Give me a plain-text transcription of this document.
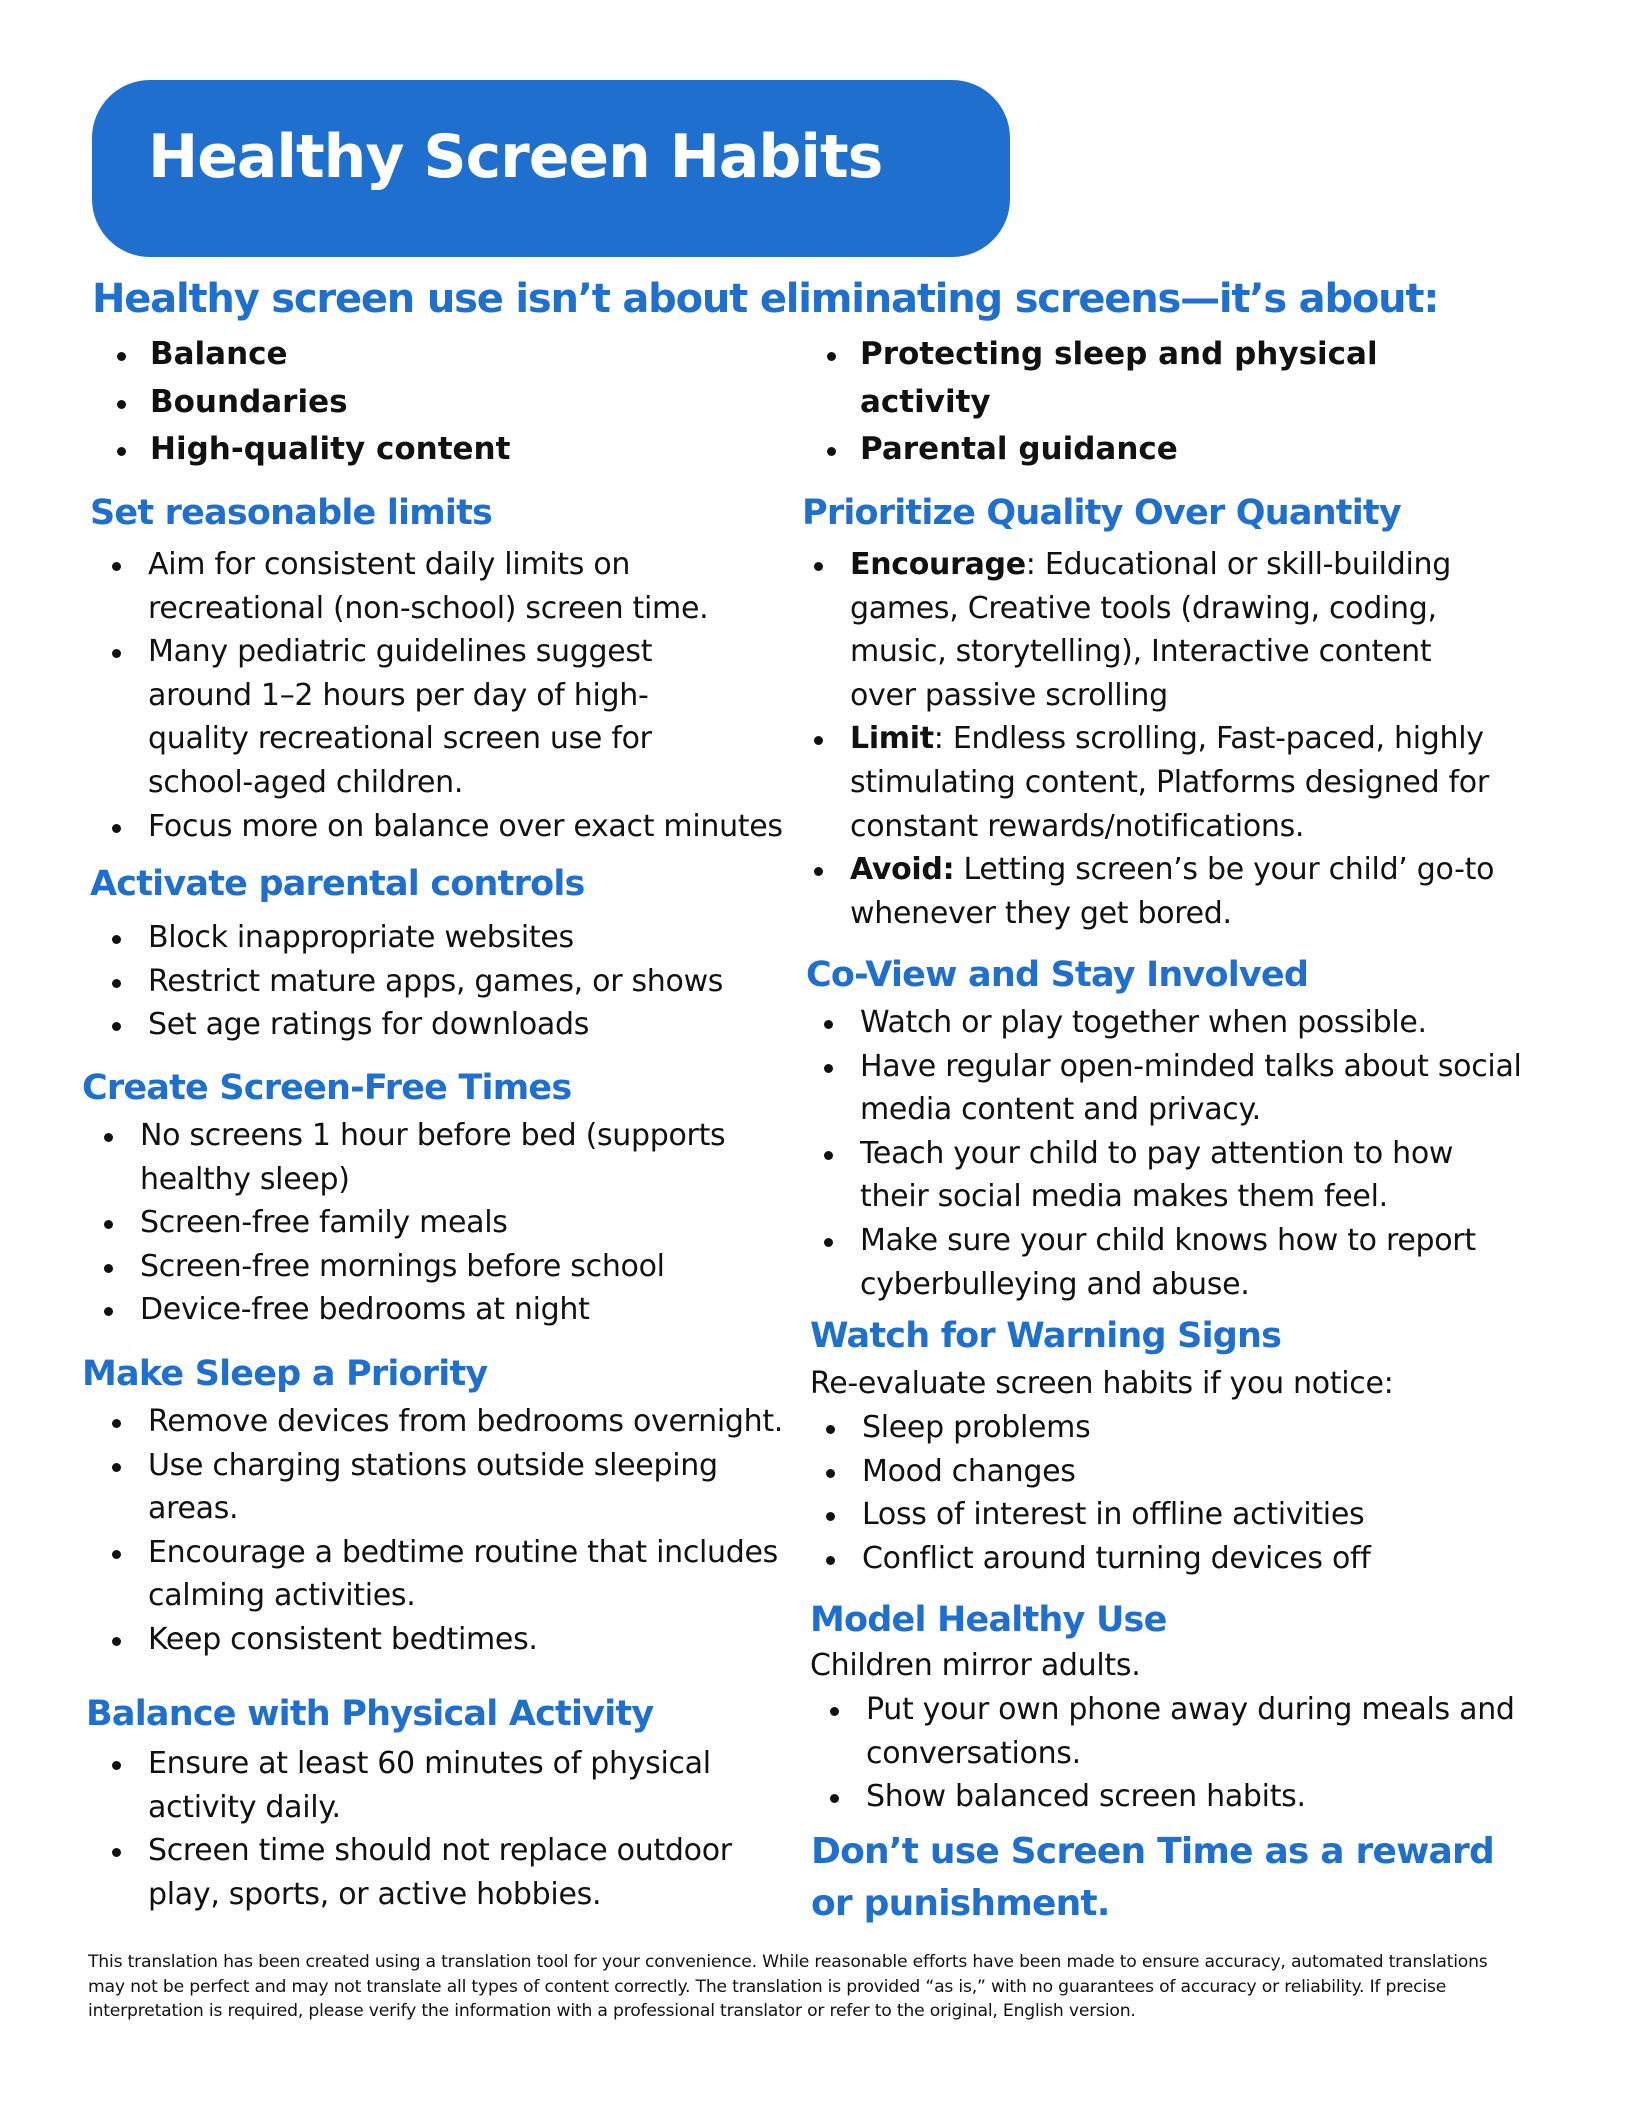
Healthy Screen Habits
Healthy screen use isn’t about eliminating screens—it’s about:
Balance
Boundaries
High-quality content
Protecting sleep and physical activity
Parental guidance
Set reasonable limits
Aim for consistent daily limits on recreational (non-school) screen time.
Many pediatric guidelines suggest around 1–2 hours per day of high-quality recreational screen use for school-aged children.
Focus more on balance over exact minutes
Activate parental controls
Block inappropriate websites
Restrict mature apps, games, or shows
Set age ratings for downloads
Create Screen-Free Times
No screens 1 hour before bed (supports healthy sleep)
Screen-free family meals
Screen-free mornings before school
Device-free bedrooms at night
Make Sleep a Priority
Remove devices from bedrooms overnight.
Use charging stations outside sleeping areas.
Encourage a bedtime routine that includes calming activities.
Keep consistent bedtimes.
Balance with Physical Activity
Ensure at least 60 minutes of physical activity daily.
Screen time should not replace outdoor play, sports, or active hobbies.
Prioritize Quality Over Quantity
Encourage: Educational or skill-building games, Creative tools (drawing, coding, music, storytelling), Interactive content over passive scrolling
Limit: Endless scrolling, Fast-paced, highly stimulating content, Platforms designed for constant rewards/notifications.
Avoid: Letting screen’s be your child’ go-to whenever they get bored.
Co-View and Stay Involved
Watch or play together when possible.
Have regular open-minded talks about social media content and privacy.
Teach your child to pay attention to how their social media makes them feel.
Make sure your child knows how to report cyberbulleying and abuse.
Watch for Warning Signs

Re-evaluate screen habits if you notice:

Sleep problems
Mood changes
Loss of interest in offline activities
Conflict around turning devices off
Model Healthy Use

Children mirror adults.

Put your own phone away during meals and conversations.
Show balanced screen habits.
Don’t use Screen Time as a reward or punishment.
This translation has been created using a translation tool for your convenience. While reasonable efforts have been made to ensure accuracy, automated translations may not be perfect and may not translate all types of content correctly. The translation is provided “as is,” with no guarantees of accuracy or reliability. If precise interpretation is required, please verify the information with a professional translator or refer to the original, English version.
